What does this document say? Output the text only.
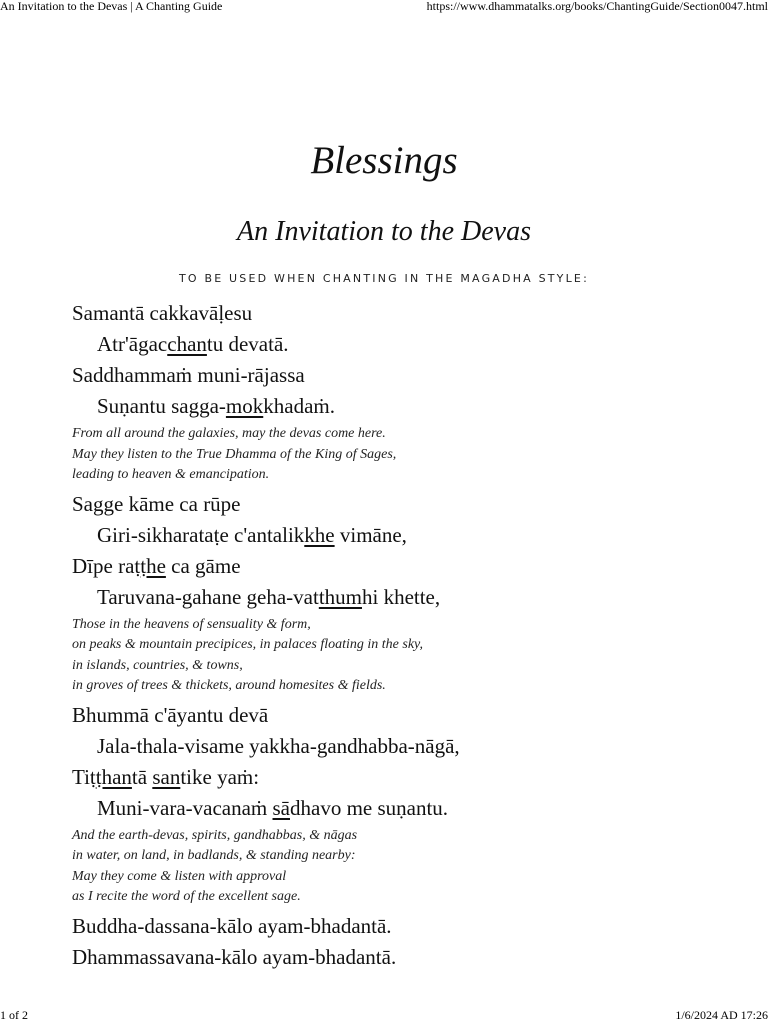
An Invitation to the Devas | A Chanting Guide	https://www.dhammatalks.org/books/ChantingGuide/Section0047.html
Blessings
An Invitation to the Devas

TO BE USED WHEN CHANTING IN THE MAGADHA STYLE:

Samantā cakkavāḷesu

Atr'āgacchantu devatā.

Saddhammaṁ muni-rājassa

Suṇantu sagga-mokkhadaṁ.

From all around the galaxies, may the devas come here.
May they listen to the True Dhamma of the King of Sages,
leading to heaven & emancipation.

Sagge kāme ca rūpe

Giri-sikharataṭe c'antalikkhe vimāne,

Dīpe raṭṭhe ca gāme

Taruvana-gahane geha-vatthumhi khette,

Those in the heavens of sensuality & form,
on peaks & mountain precipices, in palaces floating in the sky,
in islands, countries, & towns,
in groves of trees & thickets, around homesites & fields.

Bhummā c'āyantu devā

Jala-thala-visame yakkha-gandhabba-nāgā,

Tiṭṭhantā santike yaṁ:

Muni-vara-vacanaṁ sādhavo me suṇantu.

And the earth-devas, spirits, gandhabbas, & nāgas
in water, on land, in badlands, & standing nearby:
May they come & listen with approval
as I recite the word of the excellent sage.

Buddha-dassana-kālo ayam-bhadantā.

Dhammassavana-kālo ayam-bhadantā.

1 of 2	1/6/2024 AD 17:26
